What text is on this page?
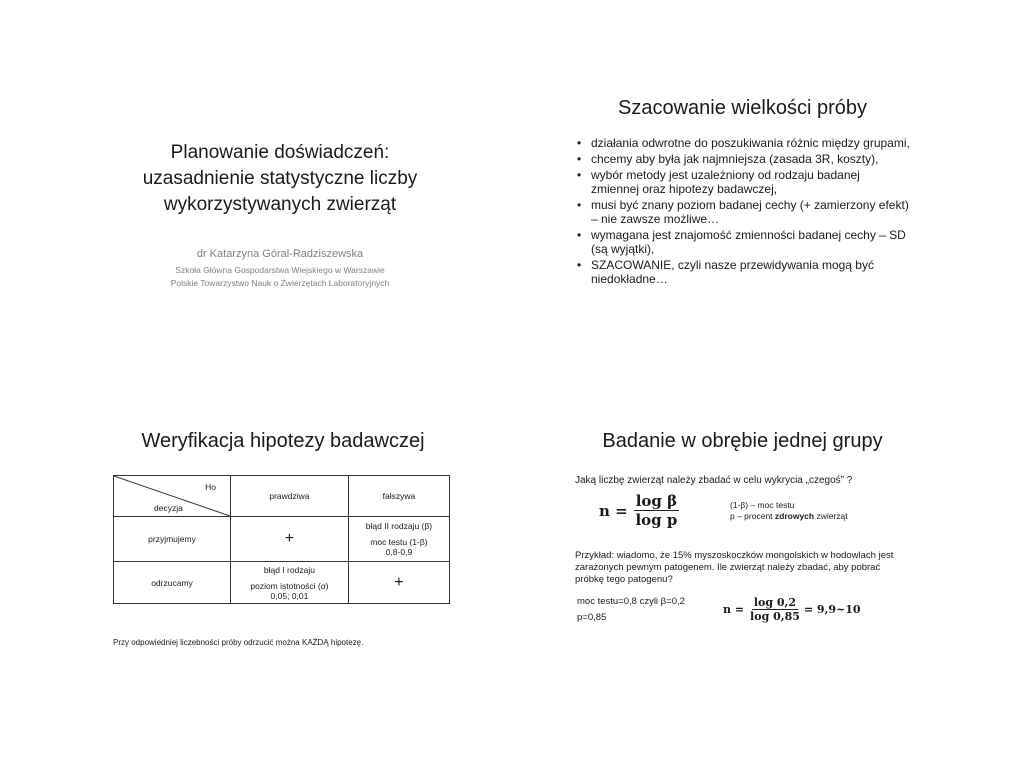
Planowanie doświadczeń:
uzasadnienie statystyczne liczby
wykorzystywanych zwierząt
dr Katarzyna Góral-Radziszewska
Szkoła Główna Gospodarstwa Wiejskiego w Warszawie
Polskie Towarzystwo Nauk o Zwierzętach Laboratoryjnych
Szacowanie wielkości próby
• działania odwrotne do poszukiwania różnic między grupami,
• chcemy aby była jak najmniejsza (zasada 3R, koszty),
• wybór metody jest uzależniony od rodzaju badanej zmiennej oraz hipotezy badawczej,
• musi być znany poziom badanej cechy (+ zamierzony efekt) – nie zawsze możliwe…
• wymagana jest znajomość zmienności badanej cechy – SD (są wyjątki),
• SZACOWANIE, czyli nasze przewidywania mogą być niedokładne…
Weryfikacja hipotezy badawczej
Ho
decyzja	prawdziwa	fałszywa
przyjmujemy	+	błąd II rodzaju (β)
moc testu (1-β)
0,8-0,9

odrzucamy	błąd I rodzaju
poziom istotności (α)
0,05; 0,01	+
Przy odpowiedniej liczebności próby odrzucić można KAŻDĄ hipotezę.
Badanie w obrębie jednej grupy
Jaką liczbę zwierząt należy zbadać w celu wykrycia „czegoś” ?
$n = \frac{\text{log β}}{\text{log p}}$	(1-β) – moc testu
p – procent zdrowych zwierząt
Przykład: wiadomo, że 15% myszoskoczków mongolskich w hodowlach jest zarażonych pewnym patogenem. Ile zwierząt należy zbadać, aby pobrać próbkę tego patogenu?
moc testu=0,8 czyli β=0,2
p=0,85
$n = \frac{\log 0,2}{\log 0,85}$ = 9,9~10
